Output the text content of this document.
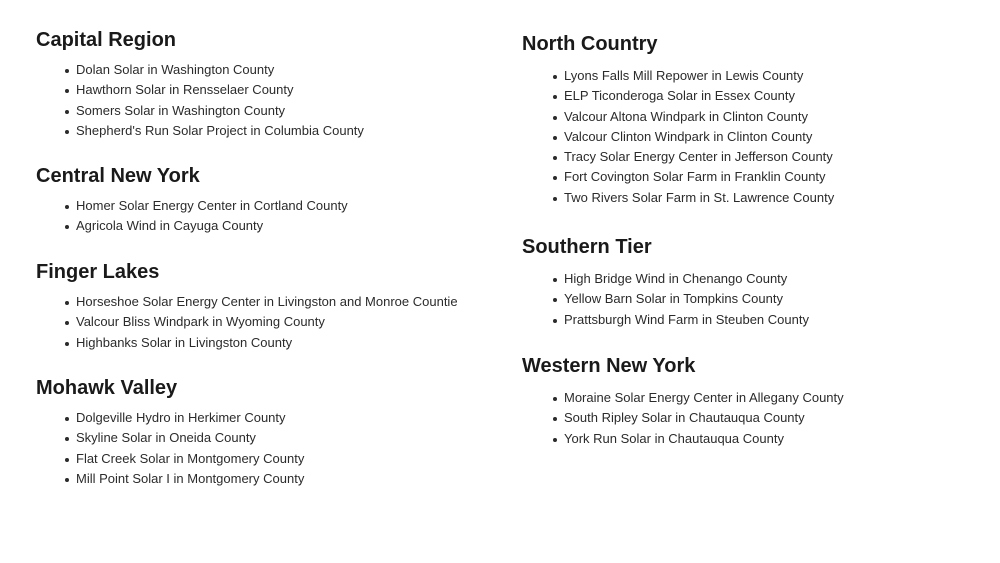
Capital Region
Dolan Solar in Washington County
Hawthorn Solar in Rensselaer County
Somers Solar in Washington County
Shepherd's Run Solar Project in Columbia County
Central New York
Homer Solar Energy Center in Cortland County
Agricola Wind in Cayuga County
Finger Lakes
Horseshoe Solar Energy Center in Livingston and Monroe Countie
Valcour Bliss Windpark in Wyoming County
Highbanks Solar in Livingston County
Mohawk Valley
Dolgeville Hydro in Herkimer County
Skyline Solar in Oneida County
Flat Creek Solar in Montgomery County
Mill Point Solar I in Montgomery County
North Country
Lyons Falls Mill Repower in Lewis County
ELP Ticonderoga Solar in Essex County
Valcour Altona Windpark in Clinton County
Valcour Clinton Windpark in Clinton County
Tracy Solar Energy Center in Jefferson County
Fort Covington Solar Farm in Franklin County
Two Rivers Solar Farm in St. Lawrence County
Southern Tier
High Bridge Wind in Chenango County
Yellow Barn Solar in Tompkins County
Prattsburgh Wind Farm in Steuben County
Western New York
Moraine Solar Energy Center in Allegany County
South Ripley Solar in Chautauqua County
York Run Solar in Chautauqua County
